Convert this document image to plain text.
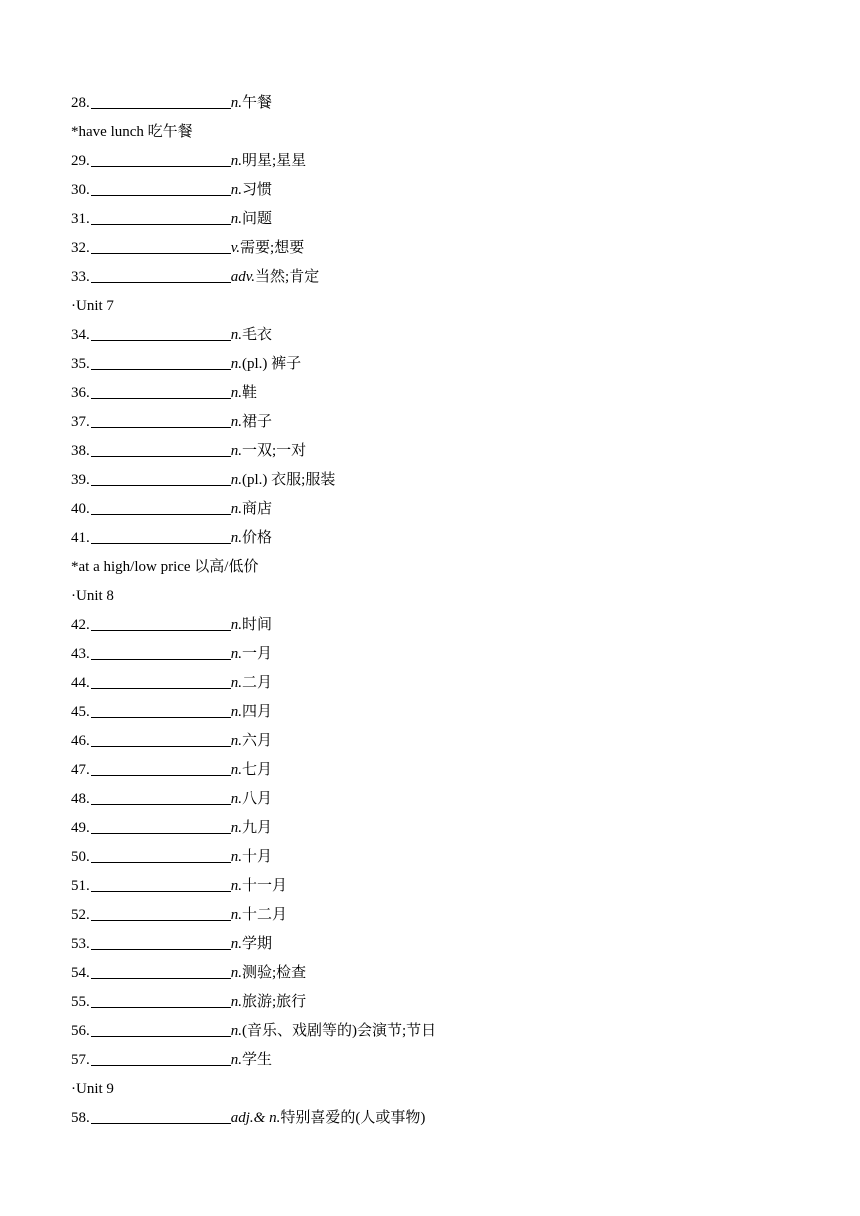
28.	n.午餐
*have lunch 吃午餐
29.	n.明星;星星
30.	n.习惯
31.	n.问题
32.	v.需要;想要
33.	adv.当然;肯定
·Unit 7
34.	n.毛衣
35.	n.(pl.) 裤子
36.	n.鞋
37.	n.裙子
38.	n.一双;一对
39.	n.(pl.) 衣服;服装
40.	n.商店
41.	n.价格
*at a high/low price 以高/低价
·Unit 8
42.	n.时间
43.	n.一月
44.	n.二月
45.	n.四月
46.	n.六月
47.	n.七月
48.	n.八月
49.	n.九月
50.	n.十月
51.	n.十一月
52.	n.十二月
53.	n.学期
54.	n.测验;检查
55.	n.旅游;旅行
56.	n.(音乐、戏剧等的)会演节;节日
57.	n.学生
·Unit 9
58.	adj.& n.特别喜爱的(人或事物)
